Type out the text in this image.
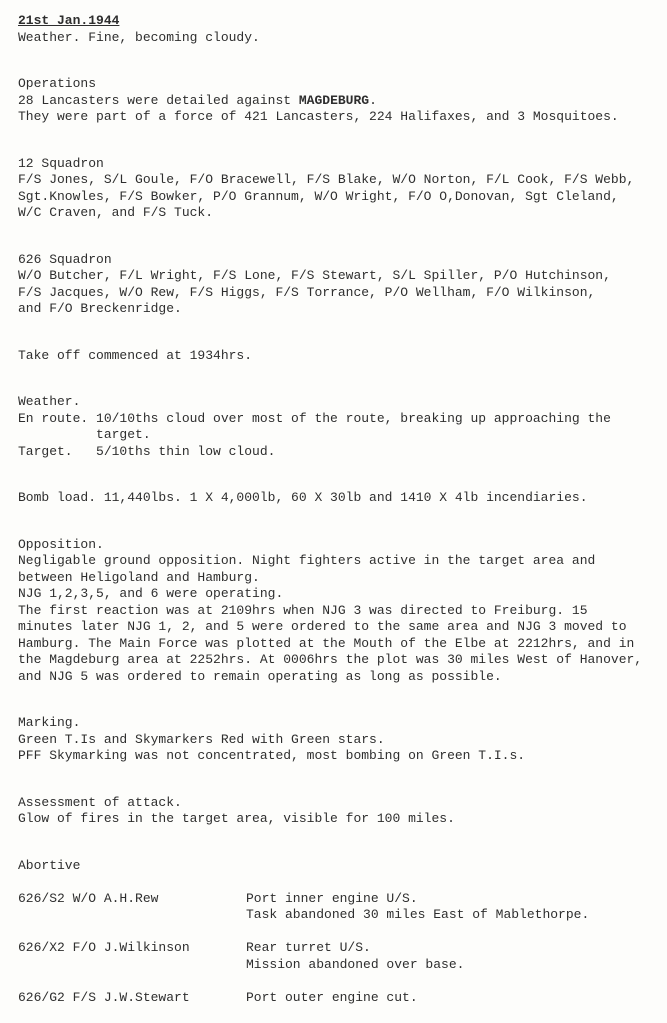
21st Jan.1944
Weather. Fine, becoming cloudy.
Operations
28 Lancasters were detailed against MAGDEBURG.
They were part of a force of 421 Lancasters, 224 Halifaxes, and 3 Mosquitoes.
12 Squadron
F/S Jones, S/L Goule, F/O Bracewell, F/S Blake, W/O Norton, F/L Cook, F/S Webb,
Sgt.Knowles, F/S Bowker, P/O Grannum, W/O Wright, F/O O,Donovan, Sgt Cleland,
W/C Craven, and F/S Tuck.
626 Squadron
W/O Butcher, F/L Wright, F/S Lone, F/S Stewart, S/L Spiller, P/O Hutchinson,
F/S Jacques, W/O Rew, F/S Higgs, F/S Torrance, P/O Wellham, F/O Wilkinson,
and F/O Breckenridge.
Take off commenced at 1934hrs.
Weather.
En route. 10/10ths cloud over most of the route, breaking up approaching the
target.
Target.   5/10ths thin low cloud.
Bomb load. 11,440lbs. 1 X 4,000lb, 60 X 30lb and 1410 X 4lb incendiaries.
Opposition.
Negligable ground opposition. Night fighters active in the target area and
between Heligoland and Hamburg.
NJG 1,2,3,5, and 6 were operating.
The first reaction was at 2109hrs when NJG 3 was directed to Freiburg. 15
minutes later NJG 1, 2, and 5 were ordered to the same area and NJG 3 moved to
Hamburg. The Main Force was plotted at the Mouth of the Elbe at 2212hrs, and in
the Magdeburg area at 2252hrs. At 0006hrs the plot was 30 miles West of Hanover,
and NJG 5 was ordered to remain operating as long as possible.
Marking.
Green T.Is and Skymarkers Red with Green stars.
PFF Skymarking was not concentrated, most bombing on Green T.I.s.
Assessment of attack.
Glow of fires in the target area, visible for 100 miles.
Abortive
626/S2 W/O A.H.Rew	Port inner engine U/S.
Task abandoned 30 miles East of Mablethorpe.
626/X2 F/O J.Wilkinson	Rear turret U/S.
Mission abandoned over base.
626/G2 F/S J.W.Stewart	Port outer engine cut.
